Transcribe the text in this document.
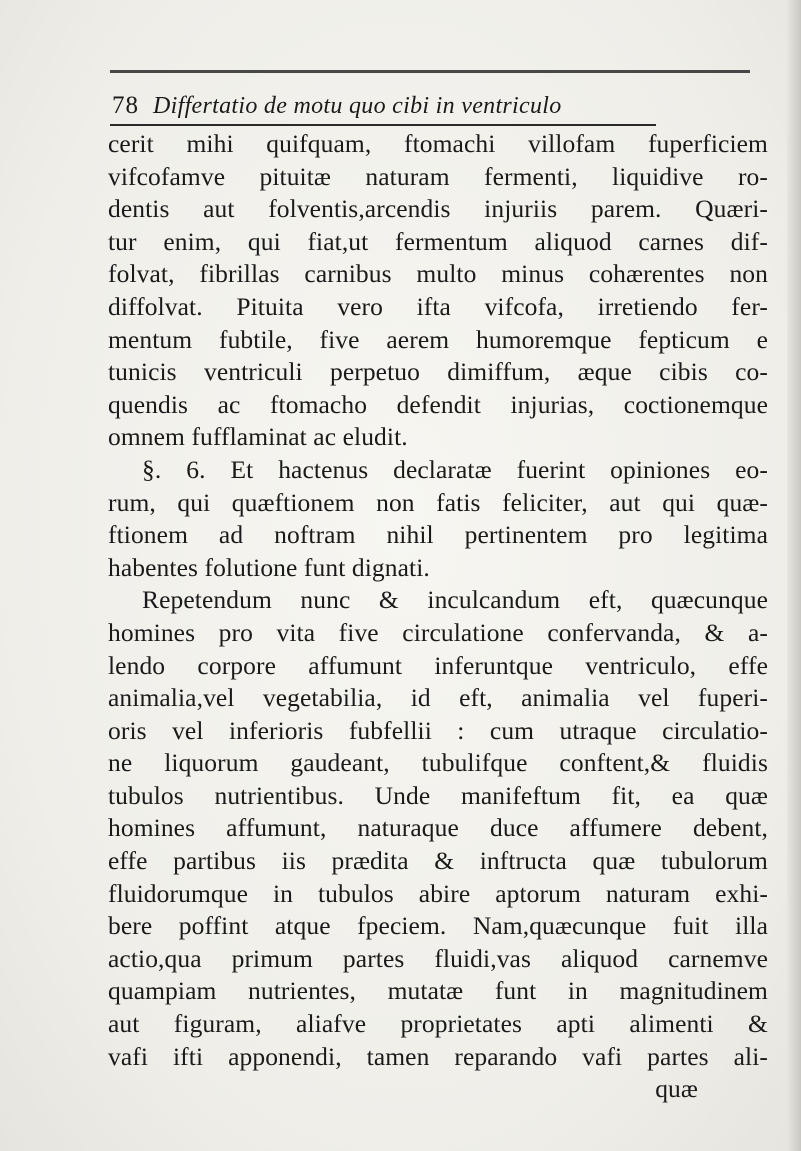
78 Differtatio de motu quo cibi in ventriculo
cerit mihi quifquam, ftomachi villofam fuperficiem
vifcofamve pituitæ naturam fermenti, liquidive ro-
dentis aut folventis,arcendis injuriis parem. Quæri-
tur enim, qui fiat,ut fermentum aliquod carnes dif-
folvat, fibrillas carnibus multo minus cohærentes non
diffolvat. Pituita vero ifta vifcofa, irretiendo fer-
mentum fubtile, five aerem humoremque fepticum e
tunicis ventriculi perpetuo dimiffum, æque cibis co-
quendis ac ftomacho defendit injurias, coctionemque
omnem fufflaminat ac eludit.
§. 6. Et hactenus declaratæ fuerint opiniones eo-
rum, qui quæftionem non fatis feliciter, aut qui quæ-
ftionem ad noftram nihil pertinentem pro legitima
habentes folutione funt dignati.
Repetendum nunc & inculcandum eft, quæcunque
homines pro vita five circulatione confervanda, & a-
lendo corpore affumunt inferuntque ventriculo, effe
animalia,vel vegetabilia, id eft, animalia vel fuperi-
oris vel inferioris fubfellii : cum utraque circulatio-
ne liquorum gaudeant, tubulifque conftent,& fluidis
tubulos nutrientibus. Unde manifeftum fit, ea quæ
homines affumunt, naturaque duce affumere debent,
effe partibus iis prædita & inftructa quæ tubulorum
fluidorumque in tubulos abire aptorum naturam exhi-
bere poffint atque fpeciem. Nam,quæcunque fuit illa
actio,qua primum partes fluidi,vas aliquod carnemve
quampiam nutrientes, mutatæ funt in magnitudinem
aut figuram, aliafve proprietates apti alimenti &
vafi ifti apponendi, tamen reparando vafi partes ali-
quæ
